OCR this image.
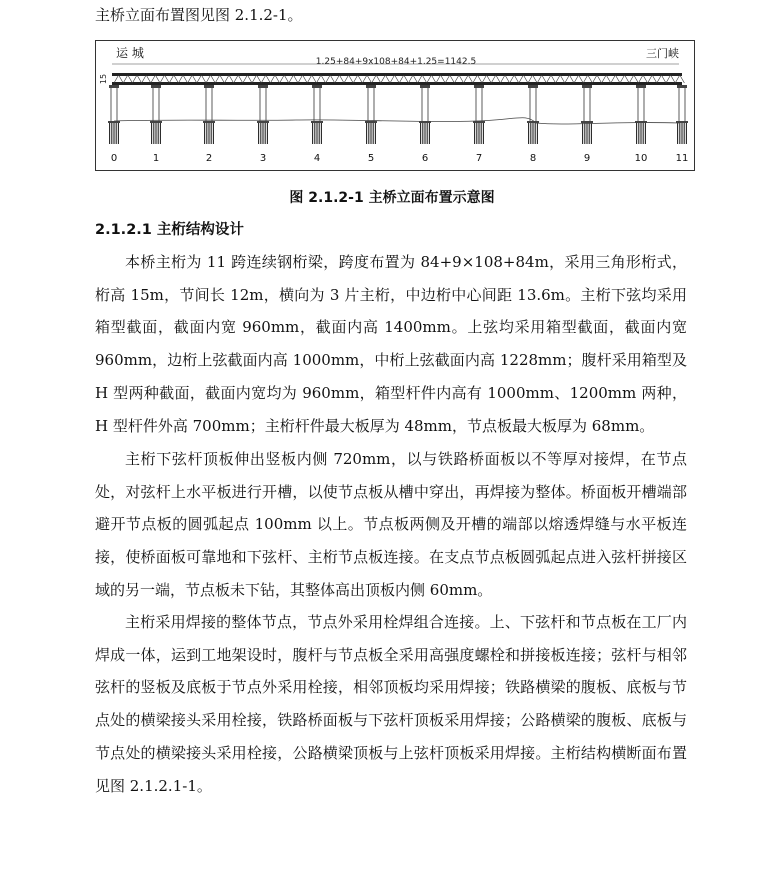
主桥立面布置图见图 2.1.2-1。
0	1	2	3	4	5	6	7	8	9	10	11
运 城	三门峡
1.25+84+9x108+84+1.25=1142.5
15
图 2.1.2-1 主桥立面布置示意图
2.1.2.1 主桁结构设计

本桥主桁为 11 跨连续钢桁梁，跨度布置为 84+9×108+84m，采用三角形桁式，桁高 15m，节间长 12m，横向为 3 片主桁，中边桁中心间距 13.6m。主桁下弦均采用箱型截面，截面内宽 960mm，截面内高 1400mm。上弦均采用箱型截面，截面内宽 960mm，边桁上弦截面内高 1000mm，中桁上弦截面内高 1228mm；腹杆采用箱型及 H 型两种截面，截面内宽均为 960mm，箱型杆件内高有 1000mm、1200mm 两种，H 型杆件外高 700mm；主桁杆件最大板厚为 48mm，节点板最大板厚为 68mm。

主桁下弦杆顶板伸出竖板内侧 720mm，以与铁路桥面板以不等厚对接焊，在节点处，对弦杆上水平板进行开槽，以使节点板从槽中穿出，再焊接为整体。桥面板开槽端部避开节点板的圆弧起点 100mm 以上。节点板两侧及开槽的端部以熔透焊缝与水平板连接，使桥面板可靠地和下弦杆、主桁节点板连接。在支点节点板圆弧起点进入弦杆拼接区域的另一端，节点板未下钻，其整体高出顶板内侧 60mm。

主桁采用焊接的整体节点，节点外采用栓焊组合连接。上、下弦杆和节点板在工厂内焊成一体，运到工地架设时，腹杆与节点板全采用高强度螺栓和拼接板连接；弦杆与相邻弦杆的竖板及底板于节点外采用栓接，相邻顶板均采用焊接；铁路横梁的腹板、底板与节点处的横梁接头采用栓接，铁路桥面板与下弦杆顶板采用焊接；公路横梁的腹板、底板与节点处的横梁接头采用栓接，公路横梁顶板与上弦杆顶板采用焊接。主桁结构横断面布置见图 2.1.2.1-1。
